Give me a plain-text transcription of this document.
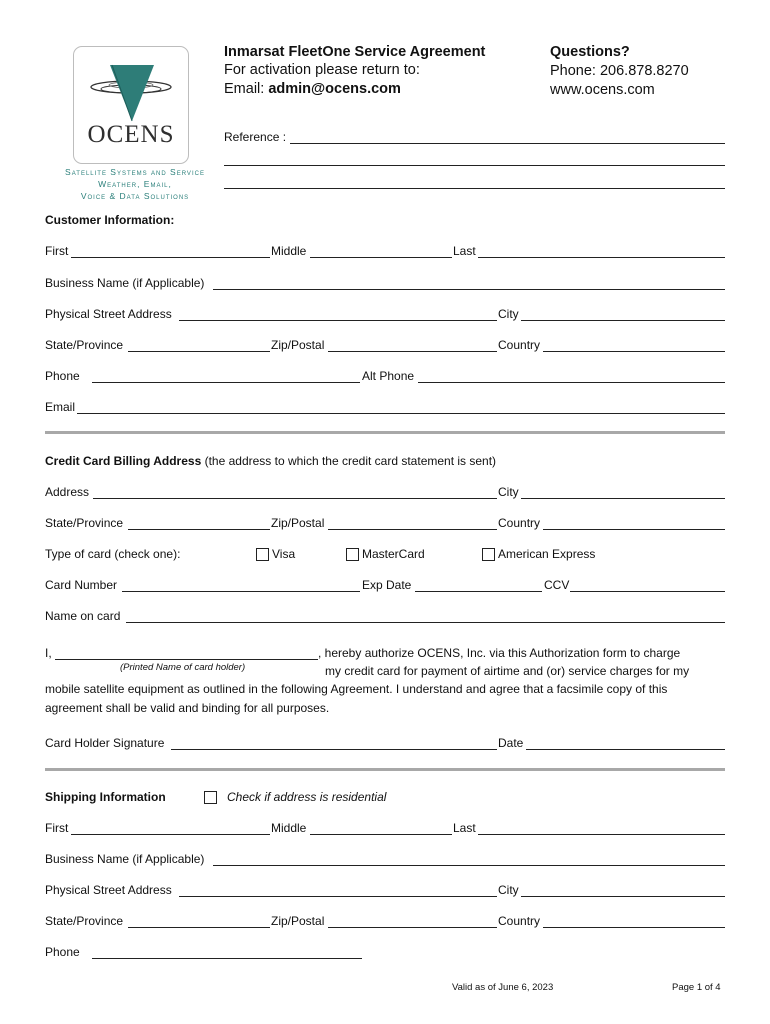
OCENS
Satellite Systems and Service
Weather, Email,
Voice & Data Solutions
Inmarsat FleetOne Service Agreement
For activation please return to:
Email: admin@ocens.com
Questions?
Phone: 206.878.8270
www.ocens.com
Reference :
Customer Information:
First	Middle	Last
Business Name (if Applicable)
Physical Street Address	City
State/Province	Zip/Postal	Country
Phone	Alt Phone
Email
Credit Card Billing Address (the address to which the credit card statement is sent)
Address	City
State/Province	Zip/Postal	Country
Type of card (check one):	Visa	MasterCard	American Express
Card Number	Exp Date	CCV
Name on card
I,	, hereby authorize OCENS, Inc. via this Authorization form to charge
(Printed Name of card holder)	my credit card for payment of airtime and (or) service charges for my
mobile satellite equipment as outlined in the following Agreement. I understand and agree that a facsimile copy of this
agreement shall be valid and binding for all purposes.
Card Holder Signature	Date
Shipping Information	Check if address is residential
First	Middle	Last
Business Name (if Applicable)
Physical Street Address	City
State/Province	Zip/Postal	Country
Phone
Valid as of June 6, 2023	Page 1 of 4
